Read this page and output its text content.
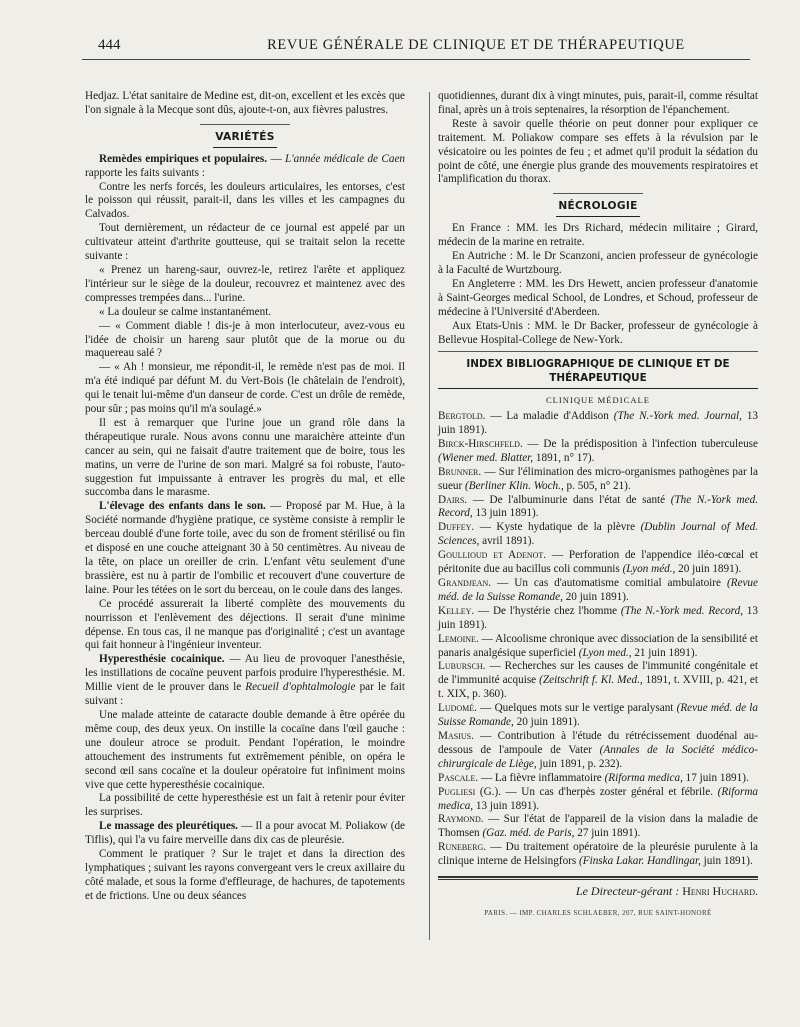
444	REVUE GÉNÉRALE DE CLINIQUE ET DE THÉRAPEUTIQUE

Hedjaz. L'état sanitaire de Medine est, dit-on, excellent et les excès que l'on signale à la Mecque sont dûs, ajoute-t-on, aux fièvres palustres.

VARIÉTÉS

Remèdes empiriques et populaires. — L'année médicale de Caen rapporte les faits suivants :

Contre les nerfs forcés, les douleurs articulaires, les entorses, c'est le poisson qui réussit, parait-il, dans les villes et les campagnes du Calvados.

Tout dernièrement, un rédacteur de ce journal est appelé par un cultivateur atteint d'arthrite goutteuse, qui se traitait selon la recette suivante :

« Prenez un hareng-saur, ouvrez-le, retirez l'arête et appliquez l'intérieur sur le siège de la douleur, recouvrez et maintenez avec des compresses trempées dans... l'urine.

« La douleur se calme instantanément.

— « Comment diable ! dis-je à mon interlocuteur, avez-vous eu l'idée de choisir un hareng saur plutôt que de la morue ou du maquereau salé ?

— « Ah ! monsieur, me répondit-il, le remède n'est pas de moi. Il m'a été indiqué par défunt M. du Vert-Bois (le châtelain de l'endroit), qui le tenait lui-même d'un danseur de corde. C'est un drôle de remède, pour sûr ; pas moins qu'il m'a soulagé.»

Il est à remarquer que l'urine joue un grand rôle dans la thérapeutique rurale. Nous avons connu une maraichère atteinte d'un cancer au sein, qui ne faisait d'autre traitement que de boire, tous les matins, un verre de l'urine de son mari. Malgré sa foi robuste, l'auto-suggestion fut impuissante à entraver les progrès du mal, et elle succomba dans le marasme.

L'élevage des enfants dans le son. — Proposé par M. Hue, à la Société normande d'hygiène pratique, ce système consiste à remplir le berceau doublé d'une forte toile, avec du son de froment stérilisé ou fin et disposé en une couche atteignant 30 à 50 centimètres. Au niveau de la tête, on place un oreiller de crin. L'enfant vêtu seulement d'une brassière, est nu à partir de l'ombilic et recouvert d'une couverture de laine. Pour les tétées on le sort du berceau, on le coule dans des langes.

Ce procédé assurerait la liberté complète des mouvements du nourrisson et l'enlèvement des déjections. Il serait d'une minime dépense. En tous cas, il ne manque pas d'originalité ; c'est un avantage qui fait honneur à l'ingénieur inventeur.

Hyperesthésie cocainique. — Au lieu de provoquer l'anesthésie, les instillations de cocaïne peuvent parfois produire l'hyperesthésie. M. Millie vient de le prouver dans le Recueil d'ophtalmologie par le fait suivant :

Une malade atteinte de cataracte double demande à être opérée du même coup, des deux yeux. On instille la cocaïne dans l'œil gauche : une douleur atroce se produit. Pendant l'opération, le moindre attouchement des instruments fut extrêmement pénible, on opéra le second œil sans cocaïne et la douleur opératoire fut infiniment moins vive que cette hyperesthésie cocainique.

La possibilité de cette hyperesthésie est un fait à retenir pour éviter les surprises.

Le massage des pleurétiques. — Il a pour avocat M. Poliakow (de Tiflis), qui l'a vu faire merveille dans dix cas de pleurésie.

Comment le pratiquer ? Sur le trajet et dans la direction des lymphatiques ; suivant les rayons convergeant vers le creux axillaire du côté malade, et sous la forme d'effleurage, de hachures, de tapotements et de frictions. Une ou deux séances

quotidiennes, durant dix à vingt minutes, puis, parait-il, comme résultat final, après un à trois septenaires, la résorption de l'épanchement.

Reste à savoir quelle théorie on peut donner pour expliquer ce traitement. M. Poliakow compare ses effets à la révulsion par le vésicatoire ou les pointes de feu ; et admet qu'il produit la sédation du point de côté, une énergie plus grande des mouvements respiratoires et l'amplification du thorax.

NÉCROLOGIE

En France : MM. les Drs Richard, médecin militaire ; Girard, médecin de la marine en retraite.

En Autriche : M. le Dr Scanzoni, ancien professeur de gynécologie à la Faculté de Wurtzbourg.

En Angleterre : MM. les Drs Hewett, ancien professeur d'anatomie à Saint-Georges medical School, de Londres, et Schoud, professeur de médecine à l'Université d'Aberdeen.

Aux Etats-Unis : MM. le Dr Backer, professeur de gynécologie à Bellevue Hospital-College de New-York.

INDEX BIBLIOGRAPHIQUE DE CLINIQUE ET DE THÉRAPEUTIQUE
CLINIQUE MÉDICALE

Bergtold. — La maladie d'Addison (The N.-York med. Journal, 13 juin 1891).

Birck-Hirschfeld. — De la prédisposition à l'infection tuberculeuse (Wiener med. Blatter, 1891, n° 17).

Brunner. — Sur l'élimination des micro-organismes pathogènes par la sueur (Berliner Klin. Woch., p. 505, n° 21).

Dairs. — De l'albuminurie dans l'état de santé (The N.-York med. Record, 13 juin 1891).

Duffey. — Kyste hydatique de la plèvre (Dublin Journal of Med. Sciences, avril 1891).

Goullioud et Adenot. — Perforation de l'appendice iléo-cœcal et péritonite due au bacillus coli communis (Lyon méd., 20 juin 1891).

Grandjean. — Un cas d'automatisme comitial ambulatoire (Revue méd. de la Suisse Romande, 20 juin 1891).

Kelley. — De l'hystérie chez l'homme (The N.-York med. Record, 13 juin 1891).

Lemoine. — Alcoolisme chronique avec dissociation de la sensibilité et panaris analgésique superficiel (Lyon med., 21 juin 1891).

Lubursch. — Recherches sur les causes de l'immunité congénitale et de l'immunité acquise (Zeitschrift f. Kl. Med., 1891, t. XVIII, p. 421, et t. XIX, p. 360).

Ludomé. — Quelques mots sur le vertige paralysant (Revue méd. de la Suisse Romande, 20 juin 1891).

Masius. — Contribution à l'étude du rétrécissement duodénal au-dessous de l'ampoule de Vater (Annales de la Société médico-chirurgicale de Liège, juin 1891, p. 232).

Pascale. — La fièvre inflammatoire (Riforma medica, 17 juin 1891).

Pugliesi (G.). — Un cas d'herpès zoster général et fébrile. (Riforma medica, 13 juin 1891).

Raymond. — Sur l'état de l'appareil de la vision dans la maladie de Thomsen (Gaz. méd. de Paris, 27 juin 1891).

Runeberg. — Du traitement opératoire de la pleurésie purulente à la clinique interne de Helsingfors (Finska Lakar. Handlingar, juin 1891).

Le Directeur-gérant : Henri Huchard.
PARIS. — IMP. CHARLES SCHLAEBER, 207, RUE SAINT-HONORÉ
